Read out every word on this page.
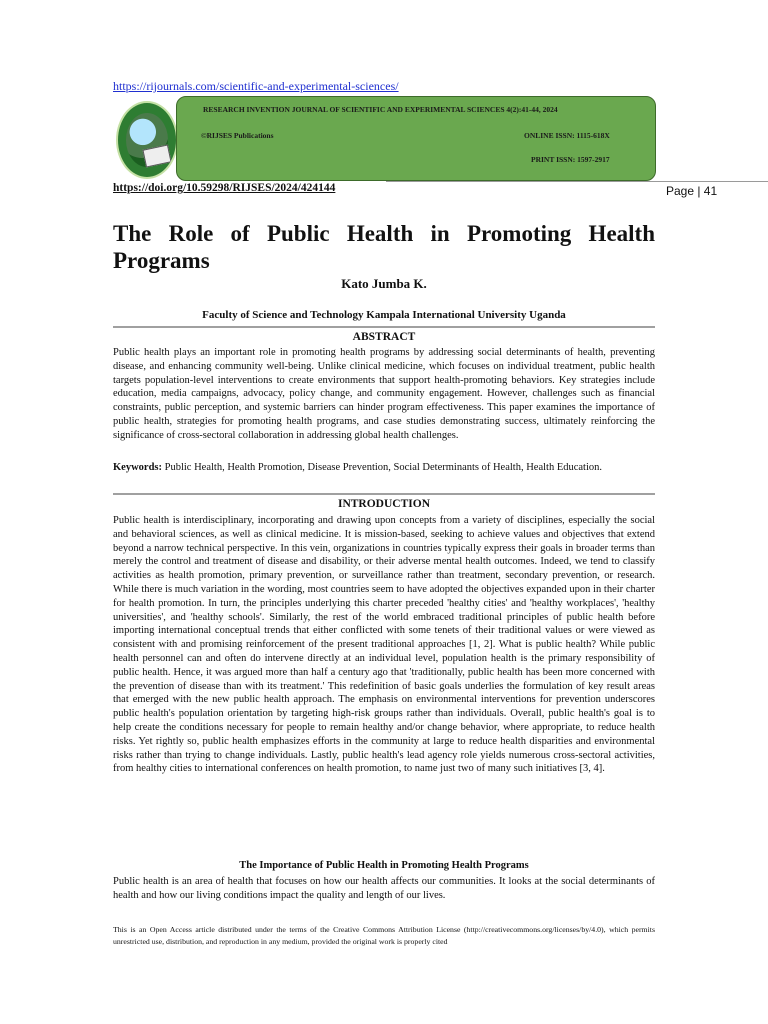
https://rijournals.com/scientific-and-experimental-sciences/
RESEARCH INVENTION JOURNAL OF SCIENTIFIC AND EXPERIMENTAL SCIENCES 4(2):41-44, 2024
©RIJSES Publications	ONLINE ISSN: 1115-618X
PRINT ISSN: 1597-2917
https://doi.org/10.59298/RIJSES/2024/424144	Page | 41
The Role of Public Health in Promoting Health Programs
Kato Jumba K.
Faculty of Science and Technology Kampala International University Uganda
ABSTRACT

Public health plays an important role in promoting health programs by addressing social determinants of health, preventing disease, and enhancing community well-being. Unlike clinical medicine, which focuses on individual treatment, public health targets population-level interventions to create environments that support health-promoting behaviors. Key strategies include education, media campaigns, advocacy, policy change, and community engagement. However, challenges such as financial constraints, public perception, and systemic barriers can hinder program effectiveness. This paper examines the importance of public health, strategies for promoting health programs, and case studies demonstrating success, ultimately reinforcing the significance of cross-sectoral collaboration in addressing global health challenges.

Keywords: Public Health, Health Promotion, Disease Prevention, Social Determinants of Health, Health Education.

INTRODUCTION

Public health is interdisciplinary, incorporating and drawing upon concepts from a variety of disciplines, especially the social and behavioral sciences, as well as clinical medicine. It is mission-based, seeking to achieve values and objectives that extend beyond a narrow technical perspective. In this vein, organizations in countries typically express their goals in broader terms than merely the control and treatment of disease and disability, or their adverse mental health outcomes. Indeed, we tend to classify activities as health promotion, primary prevention, or surveillance rather than treatment, secondary prevention, or research. While there is much variation in the wording, most countries seem to have adopted the objectives expanded upon in their charter for health promotion. In turn, the principles underlying this charter preceded 'healthy cities' and 'healthy workplaces', 'healthy universities', and 'healthy schools'. Similarly, the rest of the world embraced traditional principles of public health before importing international conceptual trends that either conflicted with some tenets of their traditional values or were viewed as consistent with and promising reinforcement of the present traditional approaches [1, 2]. What is public health? While public health personnel can and often do intervene directly at an individual level, population health is the primary responsibility of public health. Hence, it was argued more than half a century ago that 'traditionally, public health has been more concerned with the prevention of disease than with its treatment.' This redefinition of basic goals underlies the formulation of key result areas that emerged with the new public health approach. The emphasis on environmental interventions for prevention underscores public health's population orientation by targeting high-risk groups rather than individuals. Overall, public health's goal is to help create the conditions necessary for people to remain healthy and/or change behavior, where appropriate, to reduce health risks. Yet rightly so, public health emphasizes efforts in the community at large to reduce health disparities and environmental risks rather than trying to change individuals. Lastly, public health's lead agency role yields numerous cross-sectoral activities, from healthy cities to international conferences on health promotion, to name just two of many such initiatives [3, 4].

The Importance of Public Health in Promoting Health Programs

Public health is an area of health that focuses on how our health affects our communities. It looks at the social determinants of health and how our living conditions impact the quality and length of our lives.

This is an Open Access article distributed under the terms of the Creative Commons Attribution License (http://creativecommons.org/licenses/by/4.0), which permits unrestricted use, distribution, and reproduction in any medium, provided the original work is properly cited
